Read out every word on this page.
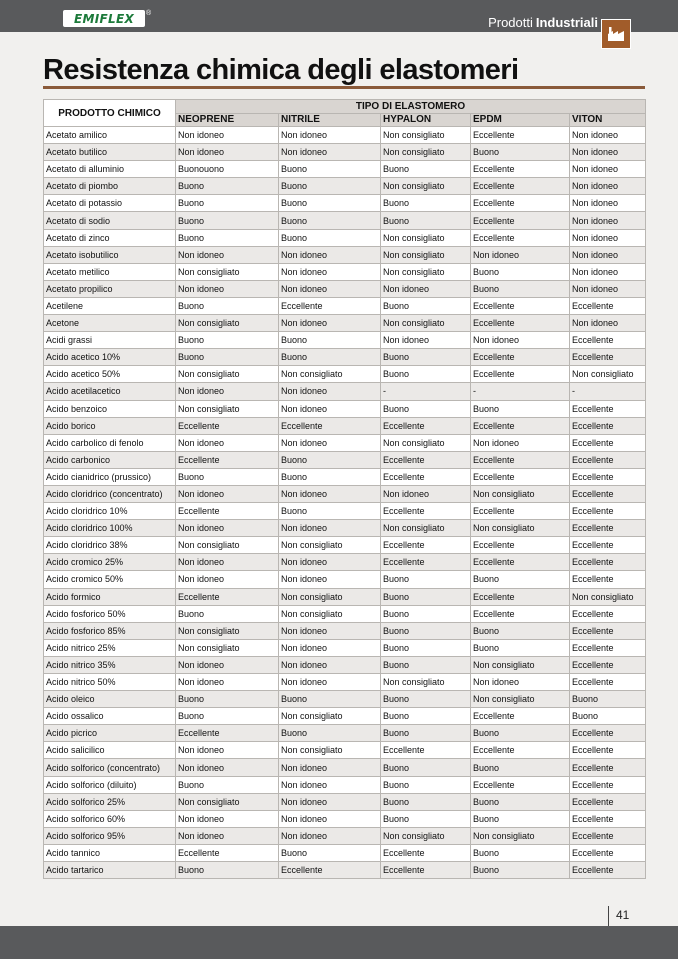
EMIFLEX ®
Prodotti Industriali
Resistenza chimica degli elastomeri
PRODOTTO CHIMICO	TIPO DI ELASTOMERO				
	NEOPRENE	NITRILE	HYPALON	EPDM	VITON
Acetato amilico	Non idoneo	Non idoneo	Non consigliato	Eccellente	Non idoneo
Acetato butilico	Non idoneo	Non idoneo	Non consigliato	Buono	Non idoneo
Acetato di alluminio	Buonouono	Buono	Buono	Eccellente	Non idoneo
Acetato di piombo	Buono	Buono	Non consigliato	Eccellente	Non idoneo
Acetato di potassio	Buono	Buono	Buono	Eccellente	Non idoneo
Acetato di sodio	Buono	Buono	Buono	Eccellente	Non idoneo
Acetato di zinco	Buono	Buono	Non consigliato	Eccellente	Non idoneo
Acetato isobutilico	Non idoneo	Non idoneo	Non consigliato	Non idoneo	Non idoneo
Acetato metilico	Non consigliato	Non idoneo	Non consigliato	Buono	Non idoneo
Acetato propilico	Non idoneo	Non idoneo	Non idoneo	Buono	Non idoneo
Acetilene	Buono	Eccellente	Buono	Eccellente	Eccellente
Acetone	Non consigliato	Non idoneo	Non consigliato	Eccellente	Non idoneo
Acidi grassi	Buono	Buono	Non idoneo	Non idoneo	Eccellente
Acido acetico 10%	Buono	Buono	Buono	Eccellente	Eccellente
Acido acetico 50%	Non consigliato	Non consigliato	Buono	Eccellente	Non consigliato
Acido acetilacetico	Non idoneo	Non idoneo	-	-	-
Acido benzoico	Non consigliato	Non idoneo	Buono	Buono	Eccellente
Acido borico	Eccellente	Eccellente	Eccellente	Eccellente	Eccellente
Acido carbolico di fenolo	Non idoneo	Non idoneo	Non consigliato	Non idoneo	Eccellente
Acido carbonico	Eccellente	Buono	Eccellente	Eccellente	Eccellente
Acido cianidrico (prussico)	Buono	Buono	Eccellente	Eccellente	Eccellente
Acido cloridrico (concentrato)	Non idoneo	Non idoneo	Non idoneo	Non consigliato	Eccellente
Acido cloridrico 10%	Eccellente	Buono	Eccellente	Eccellente	Eccellente
Acido cloridrico 100%	Non idoneo	Non idoneo	Non consigliato	Non consigliato	Eccellente
Acido cloridrico 38%	Non consigliato	Non consigliato	Eccellente	Eccellente	Eccellente
Acido cromico 25%	Non idoneo	Non idoneo	Eccellente	Eccellente	Eccellente
Acido cromico 50%	Non idoneo	Non idoneo	Buono	Buono	Eccellente
Acido formico	Eccellente	Non consigliato	Buono	Eccellente	Non consigliato
Acido fosforico 50%	Buono	Non consigliato	Buono	Eccellente	Eccellente
Acido fosforico 85%	Non consigliato	Non idoneo	Buono	Buono	Eccellente
Acido nitrico 25%	Non consigliato	Non idoneo	Buono	Buono	Eccellente
Acido nitrico 35%	Non idoneo	Non idoneo	Buono	Non consigliato	Eccellente
Acido nitrico 50%	Non idoneo	Non idoneo	Non consigliato	Non idoneo	Eccellente
Acido oleico	Buono	Buono	Buono	Non consigliato	Buono
Acido ossalico	Buono	Non consigliato	Buono	Eccellente	Buono
Acido picrico	Eccellente	Buono	Buono	Buono	Eccellente
Acido salicilico	Non idoneo	Non consigliato	Eccellente	Eccellente	Eccellente
Acido solforico (concentrato)	Non idoneo	Non idoneo	Buono	Buono	Eccellente
Acido solforico (diluito)	Buono	Non idoneo	Buono	Eccellente	Eccellente
Acido solforico 25%	Non consigliato	Non idoneo	Buono	Buono	Eccellente
Acido solforico 60%	Non idoneo	Non idoneo	Buono	Buono	Eccellente
Acido solforico 95%	Non idoneo	Non idoneo	Non consigliato	Non consigliato	Eccellente
Acido tannico	Eccellente	Buono	Eccellente	Buono	Eccellente
Acido tartarico	Buono	Eccellente	Eccellente	Buono	Eccellente
41
